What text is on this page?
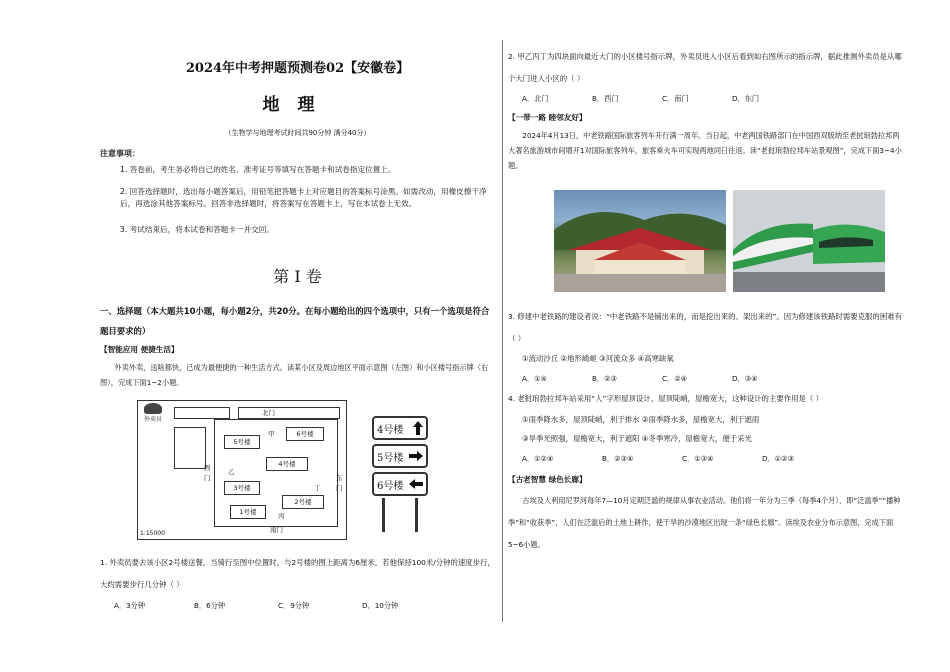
2024年中考押题预测卷02【安徽卷】
地理
（生物学与地理考试时间共90分钟 满分40分）
注意事项：
1. 答卷前，考生务必将自己的姓名、准考证号等填写在答题卡和试卷指定位置上。
2. 回答选择题时，选出每小题答案后，用铅笔把答题卡上对应题目的答案标号涂黑。如需改动，用橡皮擦干净后，再选涂其他答案标号。回答非选择题时，将答案写在答题卡上，写在本试卷上无效。
3. 考试结束后，将本试卷和答题卡一并交回。
第 Ⅰ 卷
一、选择题（本大题共10小题，每小题2分，共20分。在每小题给出的四个选项中，只有一个选项是符合题目要求的）
【智能应用 便捷生活】
外卖外卖，送啥都快，已成为最便捷的一种生活方式。读某小区及周边地区平面示意图（左图）和小区楼号指示牌（右图），完成下面1~2小题。
外卖员
北门
5号楼
6号楼
4号楼
3号楼
2号楼
1号楼
甲
乙
丙
丁
西门	东门
南门
1:15000
4号楼
5号楼
6号楼
1. 外卖员要去该小区2号楼送餐，当骑行至图中位置时，与2号楼的图上距离为6厘米，若他保持100米/分钟的速度步行，大约需要步行几分钟（ ）
A．3分钟	B．6分钟	C．9分钟	D．10分钟
2. 甲乙丙丁为四块面向最近大门的小区楼号指示牌，外卖员进入小区后看到如右图所示的指示牌，据此推测外卖员是从哪个大门进入小区的（ ）
A．北门	B．西门	C．南门	D．东门
【一带一路 睦邻友好】
2024年4月13日，中老铁路国际旅客列车开行满一周年。当日起，中老两国铁路部门在中国西双版纳至老挝琅勃拉邦两大著名旅游城市间增开1对国际旅客列车，旅客乘火车可实现两地同日往返。读“老挝琅勃拉邦车站景观图”，完成下面3~4小题。
3. 修建中老铁路的建设者说：“中老铁路不是铺出来的，而是挖出来的、架出来的”。因为修建该铁路时需要克服的困难有（ ）
①流动沙丘 ②地形崎岖 ③河流众多 ④高寒缺氧
A．①④	B．②③	C．②④	D．③④
4. 老挝琅勃拉邦车站采用“人”字形屋顶设计，屋顶陡峭，屋檐宽大，这种设计的主要作用是（ ）
①雨季降水多，屋顶陡峭，利于排水 ②雨季降水多，屋檐宽大，利于遮雨
③旱季光照强，屋檐宽大，利于遮阳 ④冬季寒冷，屋檐宽大，便于采光
A．①②④	B．②③④	C．①③④	D．①②③
【古老智慧 绿色长廊】
古埃及人利用尼罗河每年7—10月定期泛滥的规律从事农业活动。他们将一年分为三季（每季4个月），即“泛滥季”“播种季”和“收获季”，人们在泛滥后的土地上耕作，使干旱的沙漠地区出现一条“绿色长廊”。读埃及农业分布示意图，完成下面5~6小题。
